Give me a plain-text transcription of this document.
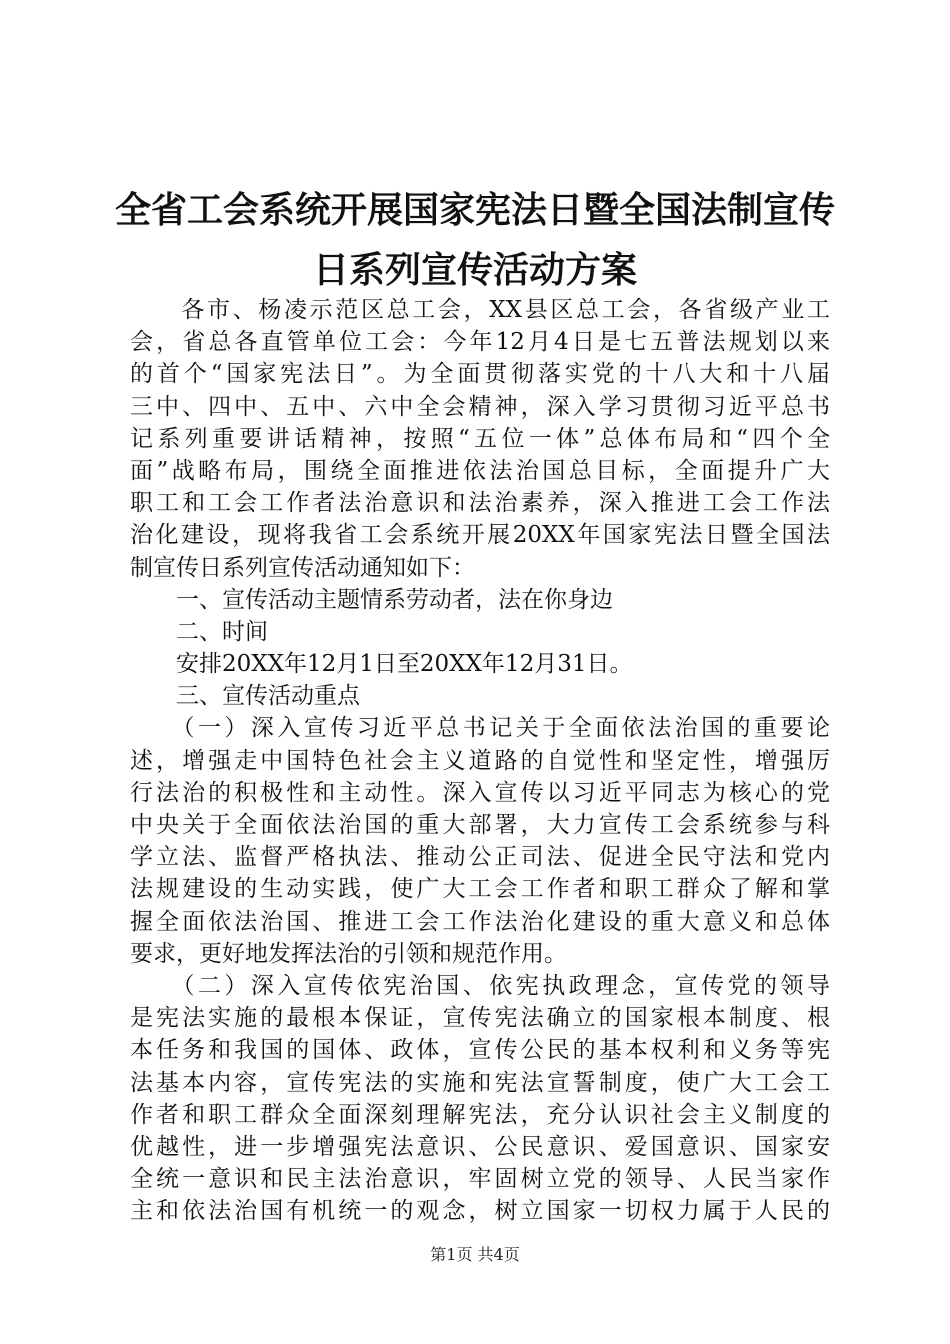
全省工会系统开展国家宪法日暨全国法制宣传
日系列宣传活动方案
　　各市、杨凌示范区总工会，XX县区总工会，各省级产业工
会，省总各直管单位工会：今年12月4日是七五普法规划以来
的首个“国家宪法日”。为全面贯彻落实党的十八大和十八届
三中、四中、五中、六中全会精神，深入学习贯彻习近平总书
记系列重要讲话精神，按照“五位一体”总体布局和“四个全
面”战略布局，围绕全面推进依法治国总目标，全面提升广大
职工和工会工作者法治意识和法治素养，深入推进工会工作法
治化建设，现将我省工会系统开展20XX年国家宪法日暨全国法
制宣传日系列宣传活动通知如下：
　　一、宣传活动主题情系劳动者，法在你身边
　　二、时间
　　安排20XX年12月1日至20XX年12月31日。
　　三、宣传活动重点
　　（一）深入宣传习近平总书记关于全面依法治国的重要论
述，增强走中国特色社会主义道路的自觉性和坚定性，增强厉
行法治的积极性和主动性。深入宣传以习近平同志为核心的党
中央关于全面依法治国的重大部署，大力宣传工会系统参与科
学立法、监督严格执法、推动公正司法、促进全民守法和党内
法规建设的生动实践，使广大工会工作者和职工群众了解和掌
握全面依法治国、推进工会工作法治化建设的重大意义和总体
要求，更好地发挥法治的引领和规范作用。
　　（二）深入宣传依宪治国、依宪执政理念，宣传党的领导
是宪法实施的最根本保证，宣传宪法确立的国家根本制度、根
本任务和我国的国体、政体，宣传公民的基本权利和义务等宪
法基本内容，宣传宪法的实施和宪法宣誓制度，使广大工会工
作者和职工群众全面深刻理解宪法，充分认识社会主义制度的
优越性，进一步增强宪法意识、公民意识、爱国意识、国家安
全统一意识和民主法治意识，牢固树立党的领导、人民当家作
主和依法治国有机统一的观念，树立国家一切权力属于人民的
第1页 共4页
